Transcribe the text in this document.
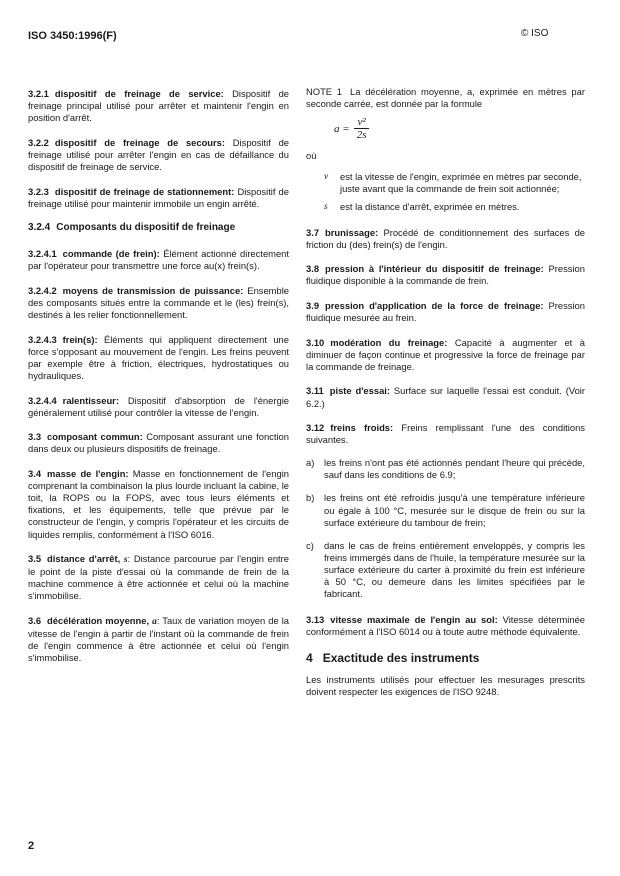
ISO 3450:1996(F)	© ISO

3.2.1 dispositif de freinage de service: Dispositif de freinage principal utilisé pour arrêter et maintenir l'engin en position d'arrêt.

3.2.2 dispositif de freinage de secours: Dispositif de freinage utilisé pour arrêter l'engin en cas de défaillance du dispositif de freinage de service.

3.2.3 dispositif de freinage de stationnement: Dispositif de freinage utilisé pour maintenir immobile un engin arrêté.

3.2.4 Composants du dispositif de freinage

3.2.4.1 commande (de frein): Élément actionné directement par l'opérateur pour transmettre une force au(x) frein(s).

3.2.4.2 moyens de transmission de puissance: Ensemble des composants situés entre la commande et le (les) frein(s), destinés à les relier fonctionnellement.

3.2.4.3 frein(s): Éléments qui appliquent directement une force s'opposant au mouvement de l'engin. Les freins peuvent par exemple être à friction, électriques, hydrostatiques ou hydrauliques.

3.2.4.4 ralentisseur: Dispositif d'absorption de l'énergie généralement utilisé pour contrôler la vitesse de l'engin.

3.3 composant commun: Composant assurant une fonction dans deux ou plusieurs dispositifs de freinage.

3.4 masse de l'engin: Masse en fonctionnement de l'engin comprenant la combinaison la plus lourde incluant la cabine, le toit, la ROPS ou la FOPS, avec tous leurs éléments et fixations, et les équipements, telle que prévue par le constructeur de l'engin, y compris l'opérateur et les circuits de liquides remplis, conformément à l'ISO 6016.

3.5 distance d'arrêt, s: Distance parcourue par l'engin entre le point de la piste d'essai où la commande de frein de la machine commence à être actionnée et celui où la machine s'immobilise.

3.6 décélération moyenne, a: Taux de variation moyen de la vitesse de l'engin à partir de l'instant où la commande de frein de l'engin commence à être actionnée et celui où l'engin s'immobilise.

NOTE 1 La décélération moyenne, a, exprimée en mètres par seconde carrée, est donnée par la formule

$a = \frac{\text{v²}}{2s}$

où

v	est la vitesse de l'engin, exprimée en mètres par seconde, juste avant que la commande de frein soit actionnée;
s	est la distance d'arrêt, exprimée en mètres.

3.7 brunissage: Procédé de conditionnement des surfaces de friction du (des) frein(s) de l'engin.

3.8 pression à l'intérieur du dispositif de freinage: Pression fluidique disponible à la commande de frein.

3.9 pression d'application de la force de freinage: Pression fluidique mesurée au frein.

3.10 modération du freinage: Capacité à augmenter et à diminuer de façon continue et progressive la force de freinage par la commande de freinage.

3.11 piste d'essai: Surface sur laquelle l'essai est conduit. (Voir 6.2.)

3.12 freins froids: Freins remplissant l'une des conditions suivantes.

a)	les freins n'ont pas été actionnés pendant l'heure qui précède, sauf dans les conditions de 6.9;
b)	les freins ont été refroidis jusqu'à une température inférieure ou égale à 100 °C, mesurée sur le disque de frein ou sur la surface extérieure du tambour de frein;
c)	dans le cas de freins entièrement enveloppés, y compris les freins immergés dans de l'huile, la température mesurée sur la surface extérieure du carter à proximité du frein est inférieure à 50 °C, ou demeure dans les limites spécifiées par le fabricant.

3.13 vitesse maximale de l'engin au sol: Vitesse déterminée conformément à l'ISO 6014 ou à toute autre méthode équivalente.

4 Exactitude des instruments

Les instruments utilisés pour effectuer les mesurages prescrits doivent respecter les exigences de l'ISO 9248.

2
